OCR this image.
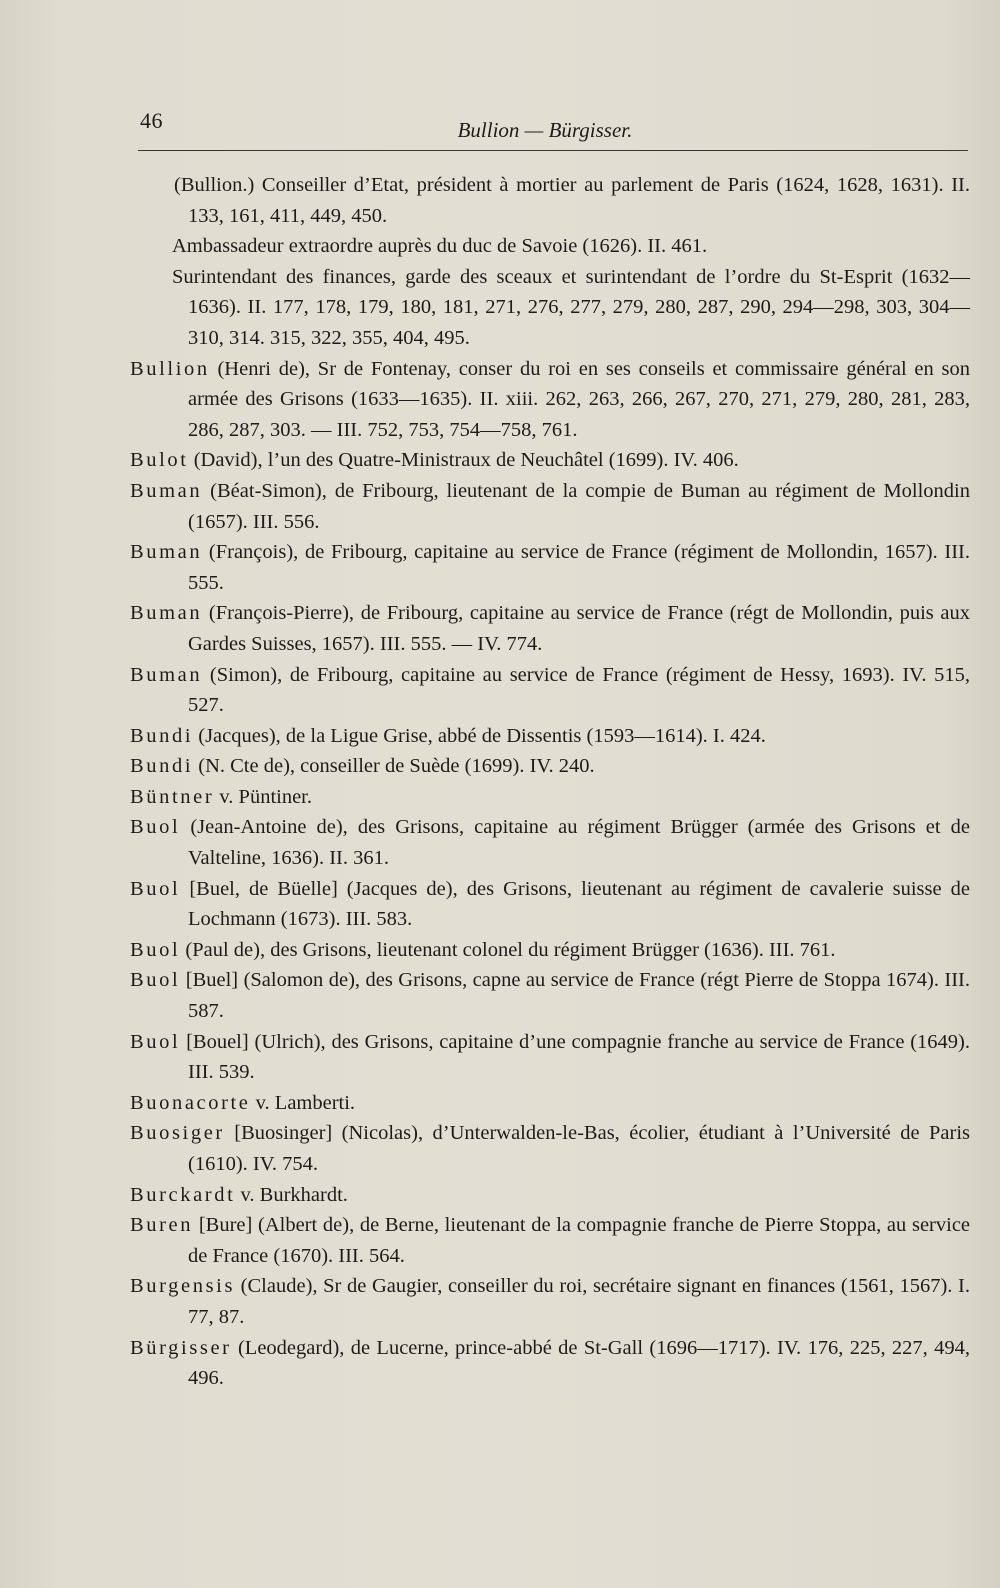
46	Bullion — Bürgisser.
(Bullion.) Conseiller d’Etat, président à mortier au parlement de Paris (1624, 1628, 1631). II. 133, 161, 411, 449, 450.
Ambassadeur extraordre auprès du duc de Savoie (1626). II. 461.
Surintendant des finances, garde des sceaux et surintendant de l’ordre du St-Esprit (1632—1636). II. 177, 178, 179, 180, 181, 271, 276, 277, 279, 280, 287, 290, 294—298, 303, 304—310, 314. 315, 322, 355, 404, 495.
Bullion (Henri de), Sr de Fontenay, conser du roi en ses conseils et commissaire général en son armée des Grisons (1633—1635). II. xiii. 262, 263, 266, 267, 270, 271, 279, 280, 281, 283, 286, 287, 303. — III. 752, 753, 754—758, 761.
Bulot (David), l’un des Quatre-Ministraux de Neuchâtel (1699). IV. 406.
Buman (Béat-Simon), de Fribourg, lieutenant de la compie de Buman au régiment de Mollondin (1657). III. 556.
Buman (François), de Fribourg, capitaine au service de France (régiment de Mollondin, 1657). III. 555.
Buman (François-Pierre), de Fribourg, capitaine au service de France (régt de Mollondin, puis aux Gardes Suisses, 1657). III. 555. — IV. 774.
Buman (Simon), de Fribourg, capitaine au service de France (régiment de Hessy, 1693). IV. 515, 527.
Bundi (Jacques), de la Ligue Grise, abbé de Dissentis (1593—1614). I. 424.
Bundi (N. Cte de), conseiller de Suède (1699). IV. 240.
Büntner v. Püntiner.
Buol (Jean-Antoine de), des Grisons, capitaine au régiment Brügger (armée des Grisons et de Valteline, 1636). II. 361.
Buol [Buel, de Büelle] (Jacques de), des Grisons, lieutenant au régiment de cavalerie suisse de Lochmann (1673). III. 583.
Buol (Paul de), des Grisons, lieutenant colonel du régiment Brügger (1636). III. 761.
Buol [Buel] (Salomon de), des Grisons, capne au service de France (régt Pierre de Stoppa 1674). III. 587.
Buol [Bouel] (Ulrich), des Grisons, capitaine d’une compagnie franche au service de France (1649). III. 539.
Buonacorte v. Lamberti.
Buosiger [Buosinger] (Nicolas), d’Unterwalden-le-Bas, écolier, étudiant à l’Université de Paris (1610). IV. 754.
Burckardt v. Burkhardt.
Buren [Bure] (Albert de), de Berne, lieutenant de la compagnie franche de Pierre Stoppa, au service de France (1670). III. 564.
Burgensis (Claude), Sr de Gaugier, conseiller du roi, secrétaire signant en finances (1561, 1567). I. 77, 87.
Bürgisser (Leodegard), de Lucerne, prince-abbé de St-Gall (1696—1717). IV. 176, 225, 227, 494, 496.
